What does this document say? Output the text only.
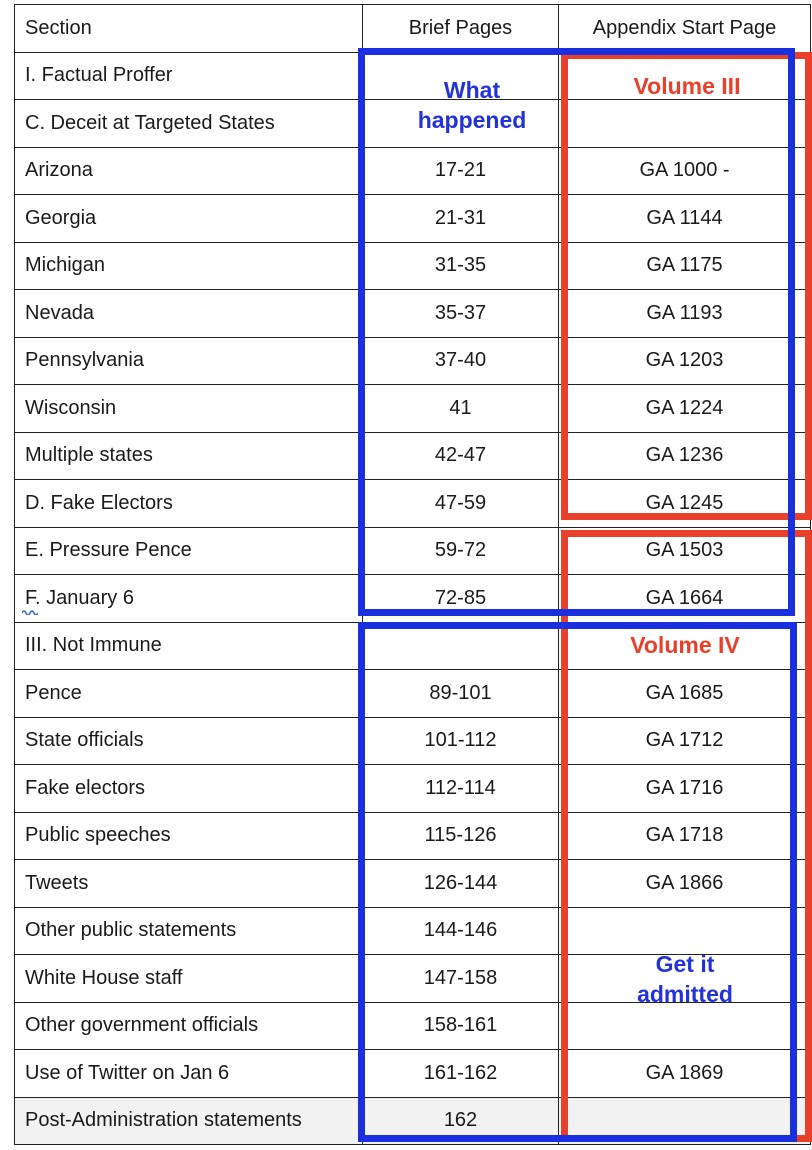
Section	Brief Pages	Appendix Start Page
I. Factual Proffer		
C. Deceit at Targeted States		
Arizona	17-21	GA 1000 -
Georgia	21-31	GA 1144
Michigan	31-35	GA 1175
Nevada	35-37	GA 1193
Pennsylvania	37-40	GA 1203
Wisconsin	41	GA 1224
Multiple states	42-47	GA 1236
D. Fake Electors	47-59	GA 1245
E. Pressure Pence	59-72	GA 1503
F. January 6	72-85	GA 1664
III. Not Immune		
Pence	89-101	GA 1685
State officials	101-112	GA 1712
Fake electors	112-114	GA 1716
Public speeches	115-126	GA 1718
Tweets	126-144	GA 1866
Other public statements	144-146	
White House staff	147-158	
Other government officials	158-161	
Use of Twitter on Jan 6	161-162	GA 1869
Post-Administration statements	162	
What
happened
Volume III
Volume IV
Get it
admitted
